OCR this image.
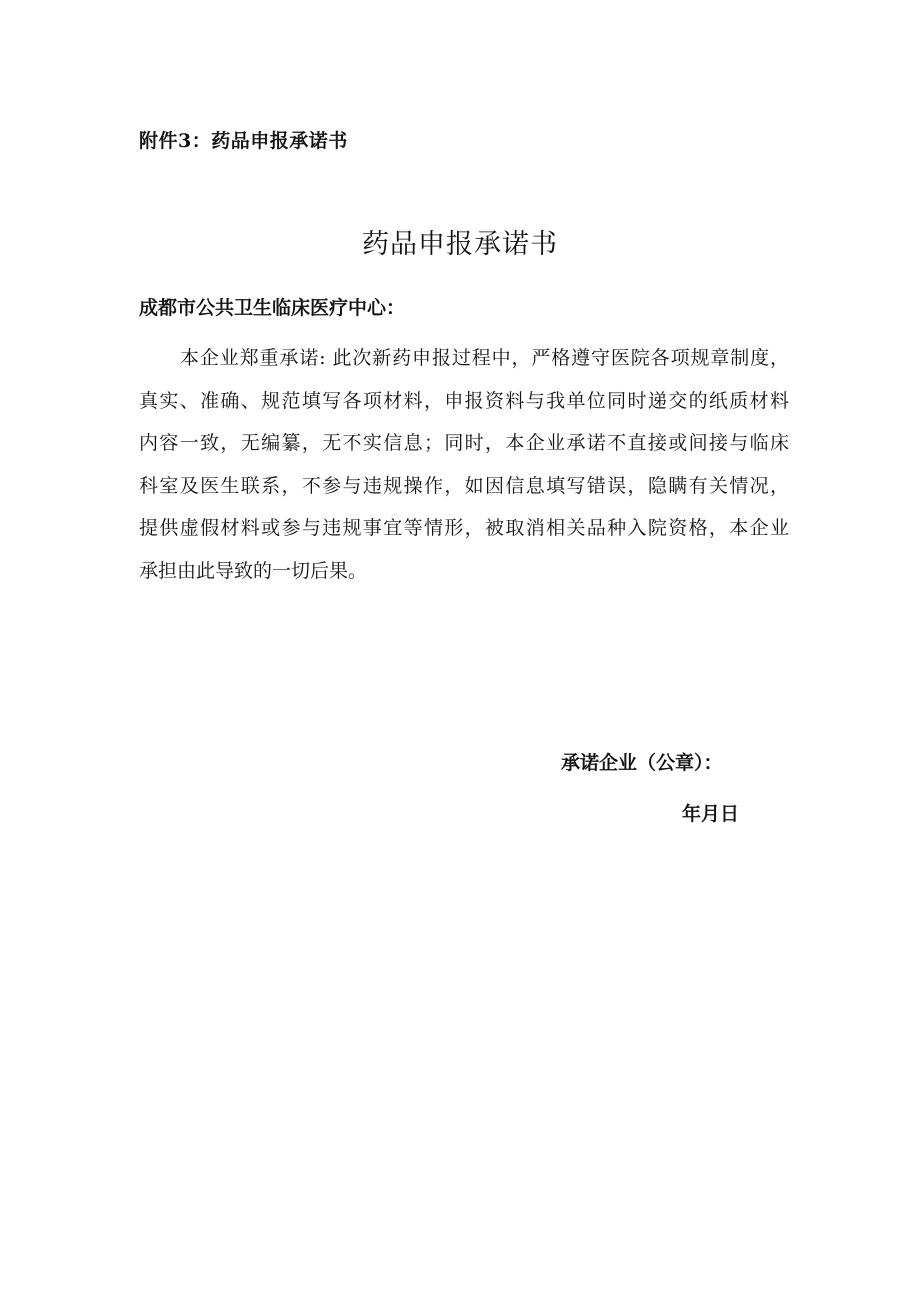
附件3：药品申报承诺书
药品申报承诺书
成都市公共卫生临床医疗中心：
本企业郑重承诺: 此次新药申报过程中，严格遵守医院各项规章制度，
真实、准确、规范填写各项材料，申报资料与我单位同时递交的纸质材料
内容一致，无编纂，无不实信息；同时，本企业承诺不直接或间接与临床
科室及医生联系，不参与违规操作，如因信息填写错误，隐瞒有关情况，
提供虚假材料或参与违规事宜等情形，被取消相关品种入院资格，本企业
承担由此导致的一切后果。
承诺企业（公章）：
年月日
